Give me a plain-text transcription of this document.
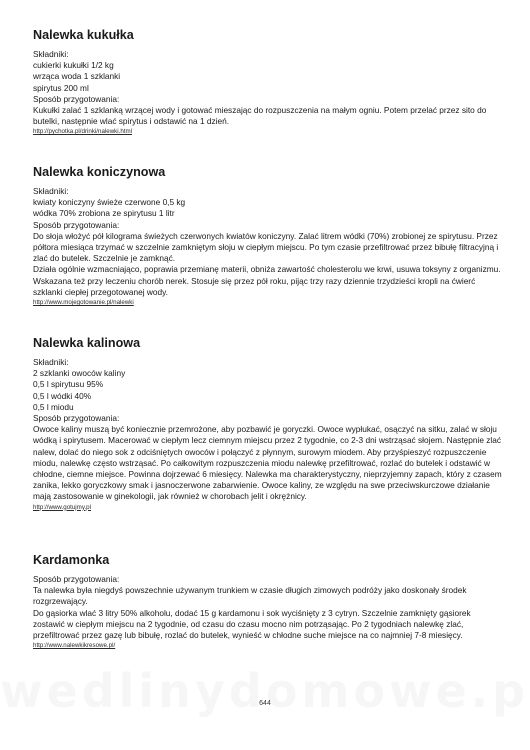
Nalewka kukułka
Składniki:
cukierki kukułki 1/2 kg
wrząca woda 1 szklanki
spirytus 200 ml
Sposób przygotowania:
Kukułki zalać 1 szklanką wrzącej wody i gotować mieszając do rozpuszczenia na małym ogniu. Potem przelać przez sito do butelki, następnie wlać spirytus i odstawić na 1 dzień.
http://pychotka.pl/drinki/nalewki.html
Nalewka koniczynowa
Składniki:
kwiaty koniczyny świeże czerwone 0,5 kg
wódka 70% zrobiona ze spirytusu 1 litr
Sposób przygotowania:
Do słoja włożyć pół kilograma świeżych czerwonych kwiatów koniczyny. Zalać litrem wódki (70%) zrobionej ze spirytusu. Przez półtora miesiąca trzymać w szczelnie zamkniętym słoju w ciepłym miejscu. Po tym czasie przefiltrować przez bibułę filtracyjną i zlać do butelek. Szczelnie je zamknąć.
Działa ogólnie wzmacniająco, poprawia przemianę materii, obniża zawartość cholesterolu we krwi, usuwa toksyny z organizmu. Wskazana też przy leczeniu chorób nerek. Stosuje się przez pół roku, pijąc trzy razy dziennie trzydzieści kropli na ćwierć szklanki ciepłej przegotowanej wody.
http://www.mojegotowanie.pl/nalewki
Nalewka kalinowa
Składniki:
2 szklanki owoców kaliny
0,5 l spirytusu 95%
0,5 l wódki 40%
0,5 l miodu
Sposób przygotowania:
Owoce kaliny muszą być koniecznie przemrożone, aby pozbawić je goryczki. Owoce wypłukać, osączyć na sitku, zalać w słoju wódką i spirytusem. Macerować w ciepłym lecz ciemnym miejscu przez 2 tygodnie, co 2-3 dni wstrząsać słojem. Następnie zlać nalew, dolać do niego sok z odciśniętych owoców i połączyć z płynnym, surowym miodem. Aby przyśpieszyć rozpuszczenie miodu, nalewkę często wstrząsać. Po całkowitym rozpuszczenia miodu nalewkę przefiltrować, rozlać do butelek i odstawić w chłodne, ciemne miejsce. Powinna dojrzewać 6 miesięcy. Nalewka ma charakterystyczny, nieprzyjemny zapach, który z czasem zanika, lekko goryczkowy smak i jasnoczerwone zabarwienie. Owoce kaliny, ze względu na swe przeciwskurczowe działanie mają zastosowanie w ginekologii, jak również w chorobach jelit i okrężnicy.
http://www.gotujmy.pl
Kardamonka
Sposób przygotowania:
Ta nalewka była niegdyś powszechnie używanym trunkiem w czasie długich zimowych podróży jako doskonały środek rozgrzewający.
Do gąsiorka wlać 3 litry 50% alkoholu, dodać 15 g kardamonu i sok wyciśnięty z 3 cytryn. Szczelnie zamknięty gąsiorek zostawić w ciepłym miejscu na 2 tygodnie, od czasu do czasu mocno nim potrząsając. Po 2 tygodniach nalewkę zlać, przefiltrować przez gazę lub bibułę, rozlać do butelek, wynieść w chłodne suche miejsce na co najmniej 7-8 miesięcy.
http://www.nalewkikresowe.pl/
644
